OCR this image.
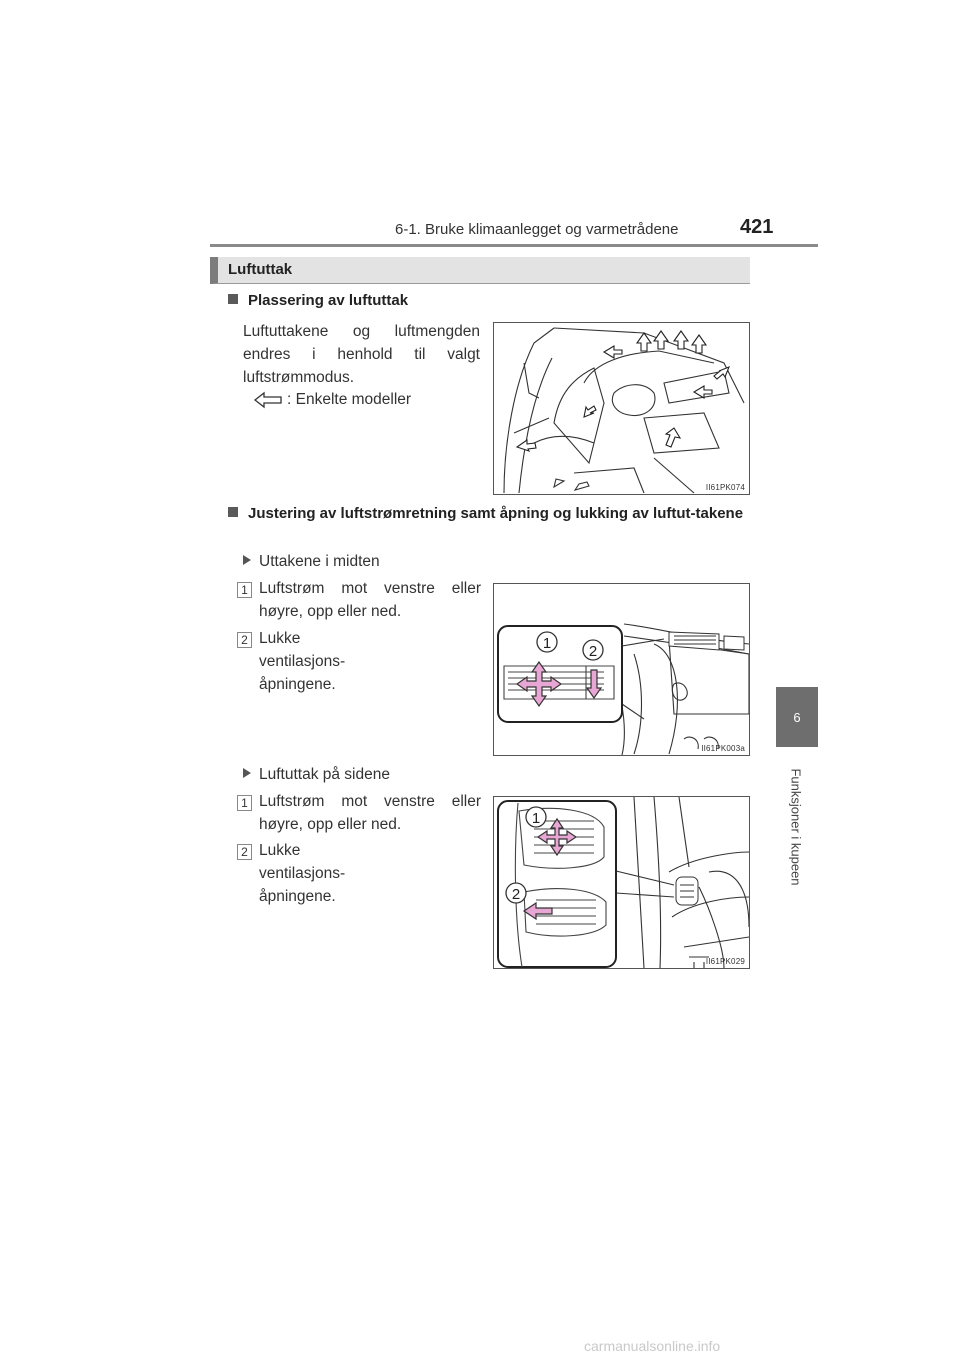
6-1. Bruke klimaanlegget og varmetrådene	421
6
Funksjoner i kupeen
Luftuttak
Plassering av luftuttak
Luftuttakene og luftmengden endres i henhold til valgt luftstrømmodus.
: Enkelte modeller
II61PK074
Justering av luftstrømretning samt åpning og lukking av luftut-takene
Uttakene i midten
1 Luftstrøm mot venstre eller høyre, opp eller ned.
2 Lukke ventilasjons-åpningene.
1	2
II61PK003a
Luftuttak på sidene
1 Luftstrøm mot venstre eller høyre, opp eller ned.
2 Lukke ventilasjons-åpningene.
1
2
II61PK029
carmanualsonline.info
